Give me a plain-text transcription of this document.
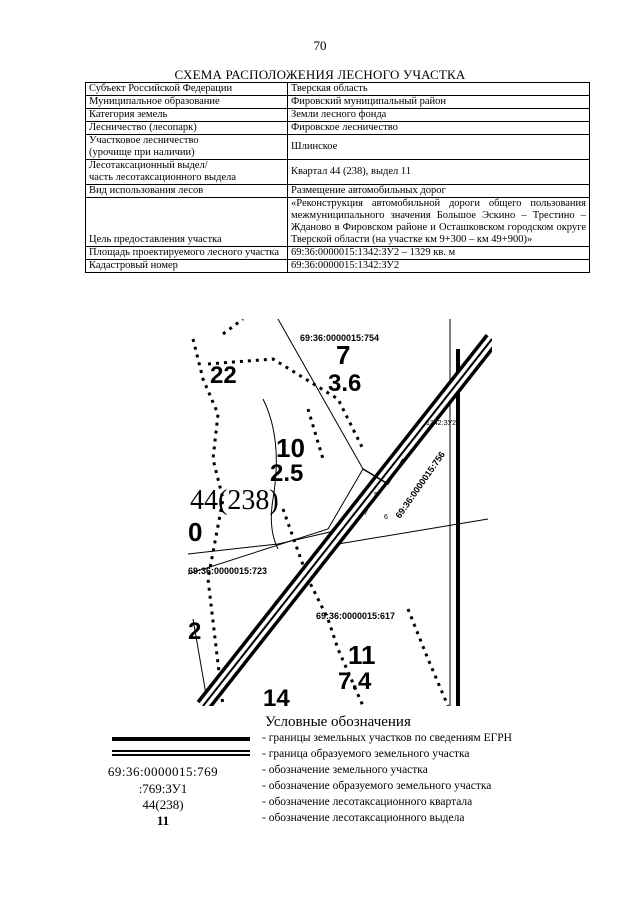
70
СХЕМА РАСПОЛОЖЕНИЯ ЛЕСНОГО УЧАСТКА
Субъект Российской Федерации	Тверская область
Муниципальное образование	Фировский муниципальный район
Категория земель	Земли лесного фонда
Лесничество (лесопарк)	Фировское лесничество
Участковое лесничество
(урочище при наличии)	Шлинское
Лесотаксационный выдел/
часть лесотаксационного выдела	Квартал 44 (238), выдел 11
Вид использования лесов	Размещение автомобильных дорог
Цель предоставления участка	«Реконструкция автомобильной дороги общего пользования межмуниципального значения Большое Эскино – Трестино – Жданово в Фировском районе и Осташковском городском округе Тверской области (на участке км 9+300 – км 49+900)»
Площадь проектируемого лесного участка	69:36:0000015:1342:ЗУ2 – 1329 кв. м
Кадастровый номер	69:36:0000015:1342:ЗУ2
69:36:0000015:754
7
3.6
22
10
2.5
44(238)
0
69:36:0000015:723
2
69:36:0000015:617
11
7.4
14
1342:ЗУ2
69:36:0000015:756
5
7
6
Условные обозначения
69:36:0000015:769
:769:ЗУ1
44(238)
11
- границы земельных участков по сведениям ЕГРН
- граница образуемого земельного участка
- обозначение земельного участка
- обозначение образуемого земельного участка
- обозначение лесотаксационного квартала
- обозначение лесотаксационного выдела
